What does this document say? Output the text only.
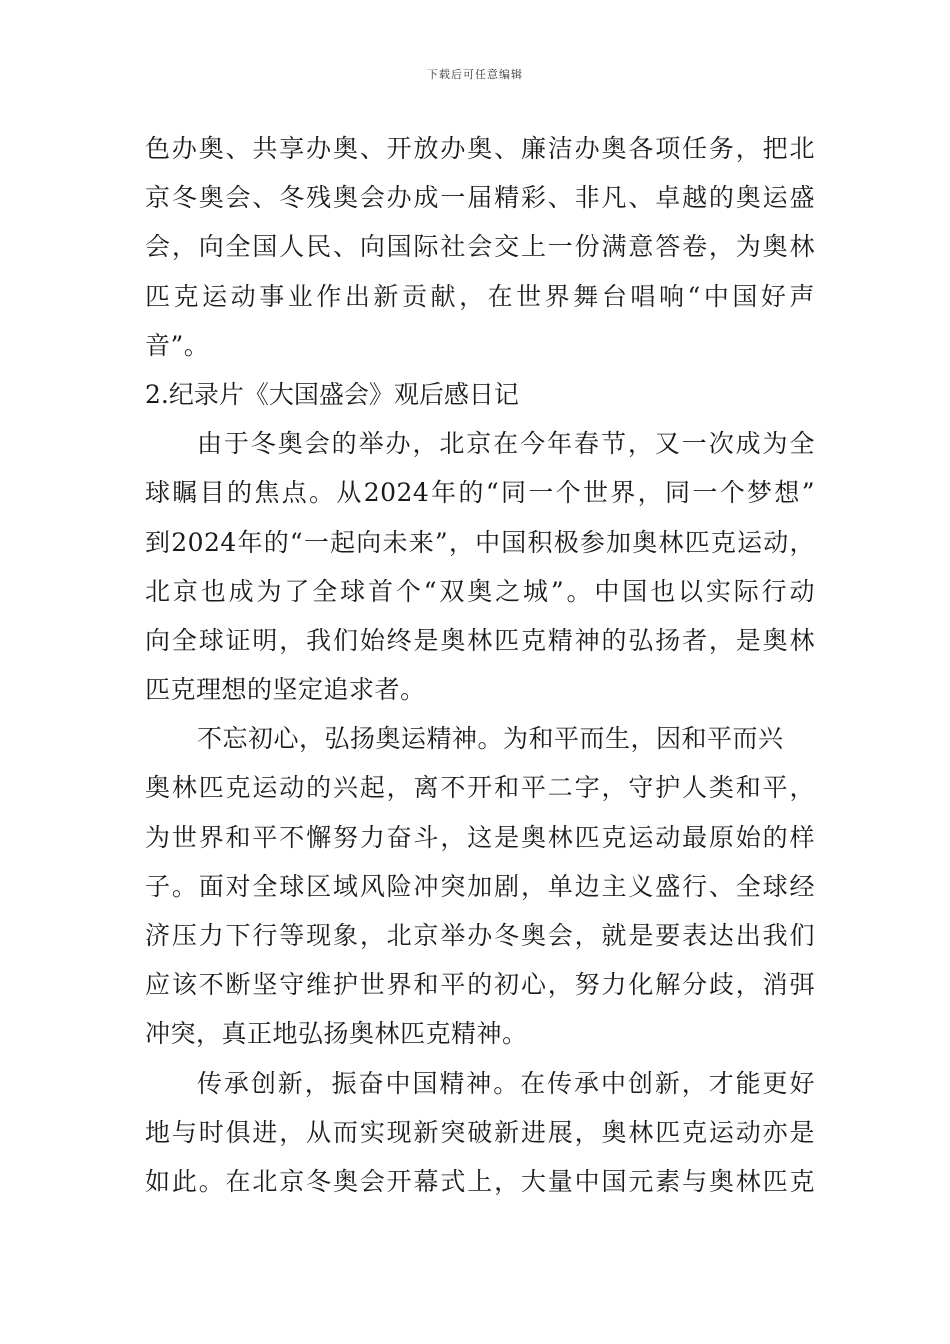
下载后可任意编辑
色办奥、共享办奥、开放办奥、廉洁办奥各项任务，把北
京冬奥会、冬残奥会办成一届精彩、非凡、卓越的奥运盛
会，向全国人民、向国际社会交上一份满意答卷，为奥林
匹克运动事业作出新贡献，在世界舞台唱响“中国好声
音”。
2.纪录片《大国盛会》观后感日记
由于冬奥会的举办，北京在今年春节，又一次成为全
球瞩目的焦点。从2024年的“同一个世界，同一个梦想”
到2024年的“一起向未来”，中国积极参加奥林匹克运动，
北京也成为了全球首个“双奥之城”。中国也以实际行动
向全球证明，我们始终是奥林匹克精神的弘扬者，是奥林
匹克理想的坚定追求者。
不忘初心，弘扬奥运精神。为和平而生，因和平而兴
奥林匹克运动的兴起，离不开和平二字，守护人类和平，
为世界和平不懈努力奋斗，这是奥林匹克运动最原始的样
子。面对全球区域风险冲突加剧，单边主义盛行、全球经
济压力下行等现象，北京举办冬奥会，就是要表达出我们
应该不断坚守维护世界和平的初心，努力化解分歧，消弭
冲突，真正地弘扬奥林匹克精神。
传承创新，振奋中国精神。在传承中创新，才能更好
地与时俱进，从而实现新突破新进展，奥林匹克运动亦是
如此。在北京冬奥会开幕式上，大量中国元素与奥林匹克
